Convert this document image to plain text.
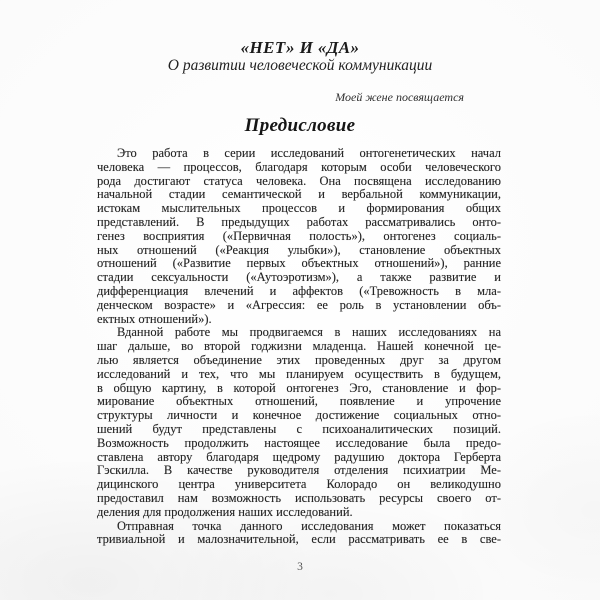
«НЕТ» И «ДА»
О развитии человеческой коммуникации
Моей жене посвящается
Предисловие
Это работа в серии исследований онтогенетических начал
человека — процессов, благодаря которым особи человеческого
рода достигают статуса человека. Она посвящена исследованию
начальной стадии семантической и вербальной коммуникации,
истокам мыслительных процессов и формирования общих
представлений. В предыдущих работах рассматривались онто-
генез восприятия («Первичная полость»), онтогенез социаль-
ных отношений («Реакция улыбки»), становление объектных
отношений («Развитие первых объектных отношений»), ранние
стадии сексуальности («Аутоэротизм»), а также развитие и
дифференциация влечений и аффектов («Тревожность в мла-
денческом возрасте» и «Агрессия: ее роль в установлении объ-
ектных отношений»).
Вданной работе мы продвигаемся в наших исследованиях на
шаг дальше, во второй годжизни младенца. Нашей конечной це-
лью является объединение этих проведенных друг за другом
исследований и тех, что мы планируем осуществить в будущем,
в общую картину, в которой онтогенез Эго, становление и фор-
мирование объектных отношений, появление и упрочение
структуры личности и конечное достижение социальных отно-
шений будут представлены с психоаналитических позиций.
Возможность продолжить настоящее исследование была предо-
ставлена автору благодаря щедрому радушию доктора Герберта
Гэскилла. В качестве руководителя отделения психиатрии Ме-
дицинского центра университета Колорадо он великодушно
предоставил нам возможность использовать ресурсы своего от-
деления для продолжения наших исследований.
Отправная точка данного исследования может показаться
тривиальной и малозначительной, если рассматривать ее в све-
3
